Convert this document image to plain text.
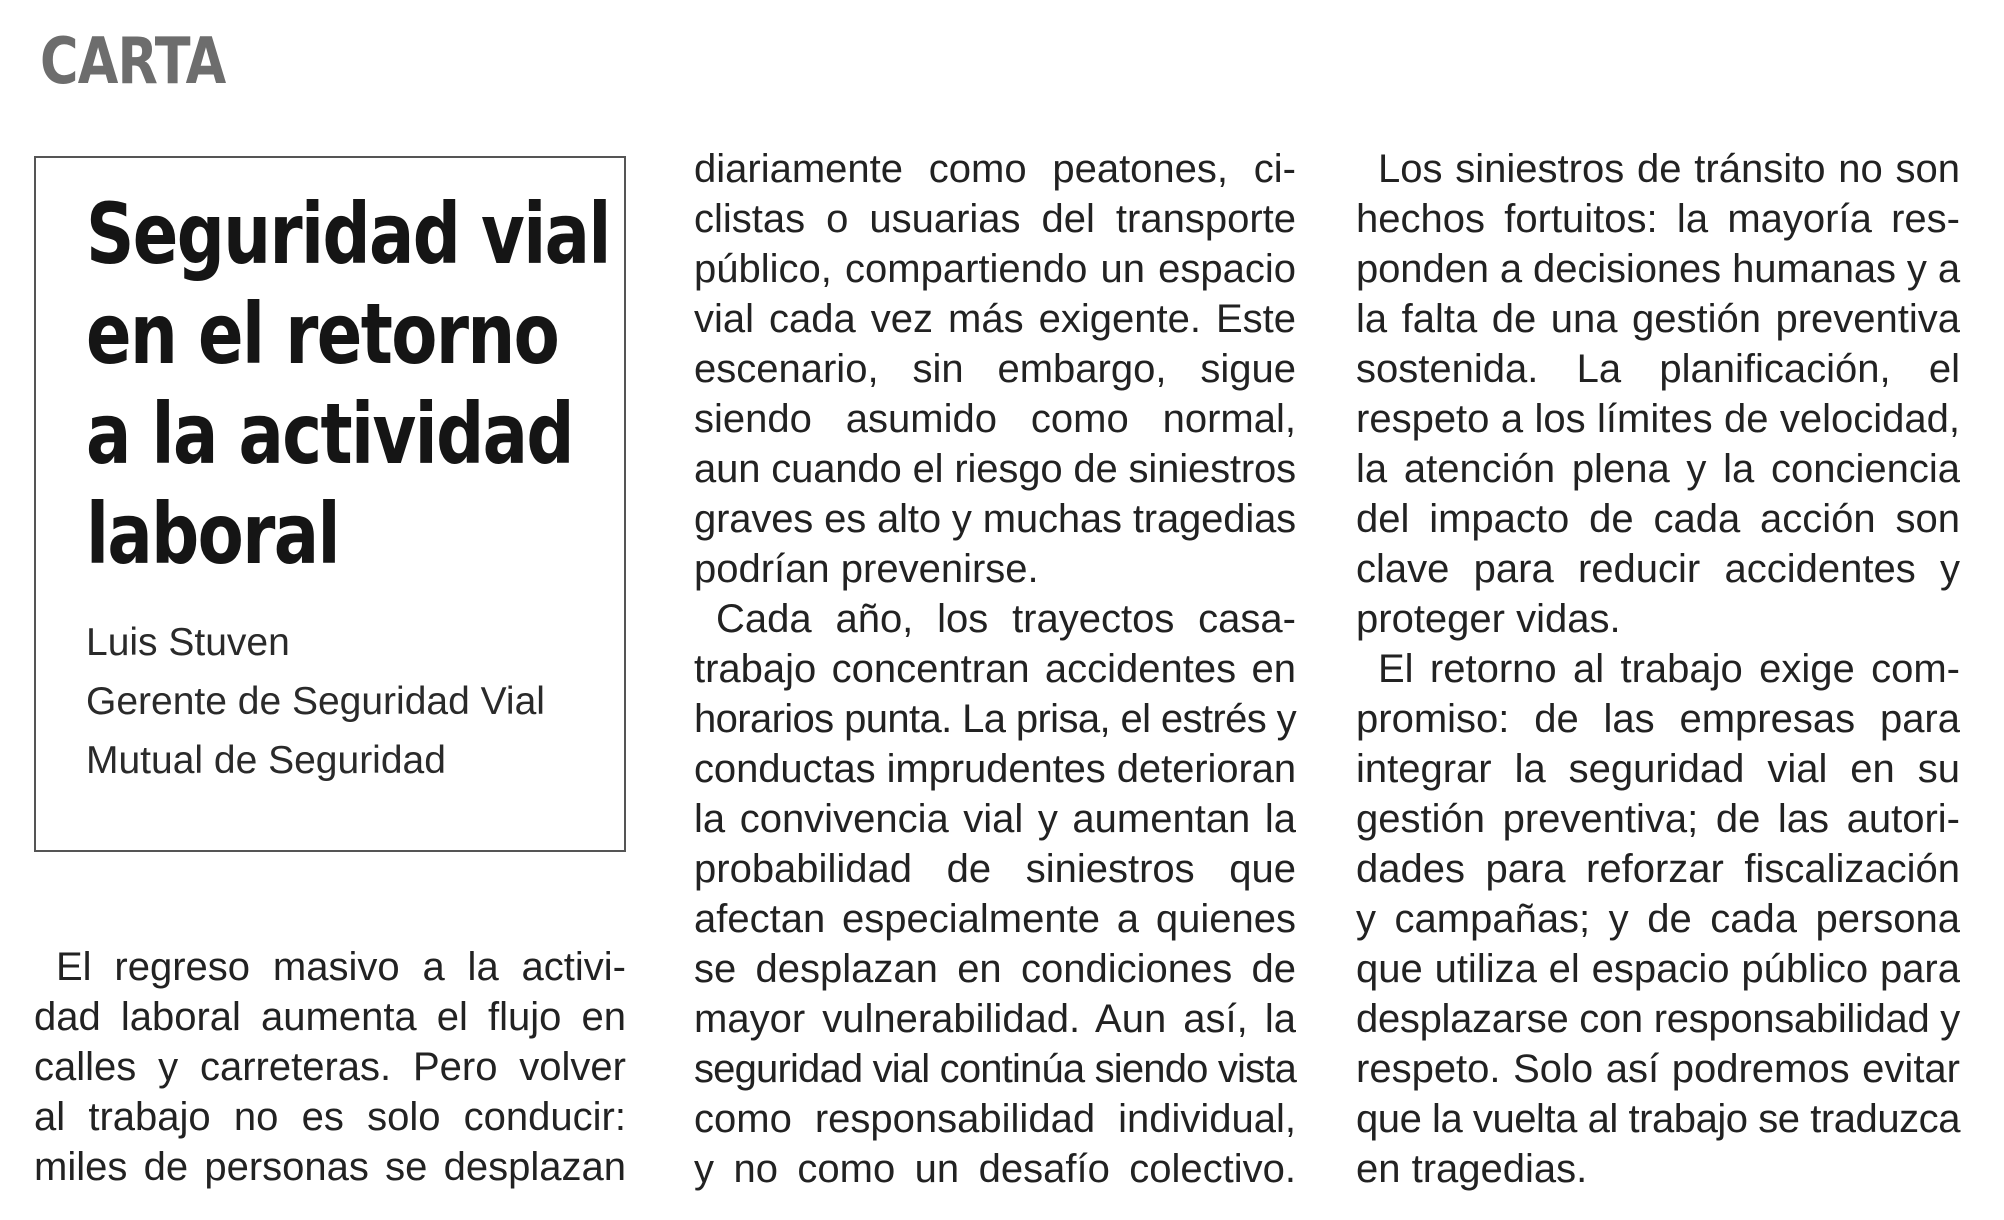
CARTA
Seguridad vial
en el retorno
a la actividad
laboral
Luis Stuven
Gerente de Seguridad Vial
Mutual de Seguridad
El regreso masivo a la activi-
dad laboral aumenta el flujo en
calles y carreteras. Pero volver
al trabajo no es solo conducir:
miles de personas se desplazan
diariamente como peatones, ci-
clistas o usuarias del transporte
público, compartiendo un espacio
vial cada vez más exigente. Este
escenario, sin embargo, sigue
siendo asumido como normal,
aun cuando el riesgo de siniestros
graves es alto y muchas tragedias
podrían prevenirse.
Cada año, los trayectos casa-
trabajo concentran accidentes en
horarios punta. La prisa, el estrés y
conductas imprudentes deterioran
la convivencia vial y aumentan la
probabilidad de siniestros que
afectan especialmente a quienes
se desplazan en condiciones de
mayor vulnerabilidad. Aun así, la
seguridad vial continúa siendo vista
como responsabilidad individual,
y no como un desafío colectivo.
Los siniestros de tránsito no son
hechos fortuitos: la mayoría res-
ponden a decisiones humanas y a
la falta de una gestión preventiva
sostenida. La planificación, el
respeto a los límites de velocidad,
la atención plena y la conciencia
del impacto de cada acción son
clave para reducir accidentes y
proteger vidas.
El retorno al trabajo exige com-
promiso: de las empresas para
integrar la seguridad vial en su
gestión preventiva; de las autori-
dades para reforzar fiscalización
y campañas; y de cada persona
que utiliza el espacio público para
desplazarse con responsabilidad y
respeto. Solo así podremos evitar
que la vuelta al trabajo se traduzca
en tragedias.
